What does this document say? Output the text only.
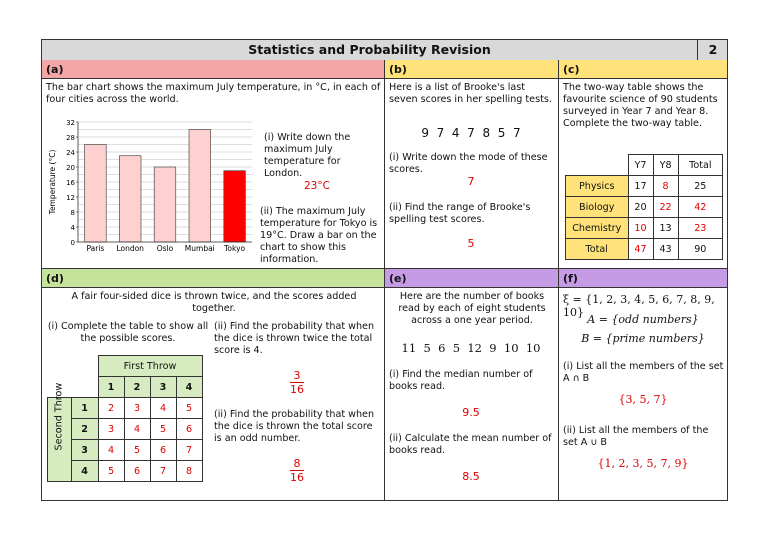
Statistics and Probability Revision	2
(a)
The bar chart shows the maximum July temperature, in °C, in each of four cities across the world.
0
4
8
12
16
20
24
28
32
Temperature (°C)
Paris London Oslo Mumbai Tokyo
(i) Write down the maximum July temperature for London.
23°C
(ii) The maximum July temperature for Tokyo is 19°C. Draw a bar on the chart to show this information.
(b)
Here is a list of Brooke's last seven scores in her spelling tests.
9  7  4  7  8  5  7
(i) Write down the mode of these scores.
7
(ii) Find the range of Brooke's spelling test scores.
5
(c)
The two-way table shows the favourite science of 90 students surveyed in Year 7 and Year 8. Complete the two-way table.
	Y7	Y8	Total
Physics	17	8	25
Biology	20	22	42
Chemistry	10	13	23
Total	47	43	90
(d)
A fair four-sided dice is thrown twice, and the scores added together.
(i) Complete the table to show all the possible scores.
		First Throw			
		1	2	3	4

Second Throw	1	2	3	4	5
	2	3	4	5	6
	3	4	5	6	7
	4	5	6	7	8
(ii) Find the probability that when the dice is thrown twice the total score is 4.
$\frac{3}{16}$
(ii) Find the probability that when the dice is thrown the total score is an odd number.
$\frac{8}{16}$
(e)
Here are the number of books read by each of eight students across a one year period.
11  5  6  5  12  9  10  10
(i) Find the median number of books read.
9.5
(ii) Calculate the mean number of books read.
8.5
(f)
ξ = {1, 2, 3, 4, 5, 6, 7, 8, 9, 10}
A = {odd numbers}
B = {prime numbers}
(i) List all the members of the set A ∩ B
{3, 5, 7}
(ii) List all the members of the set A ∪ B
{1, 2, 3, 5, 7, 9}
